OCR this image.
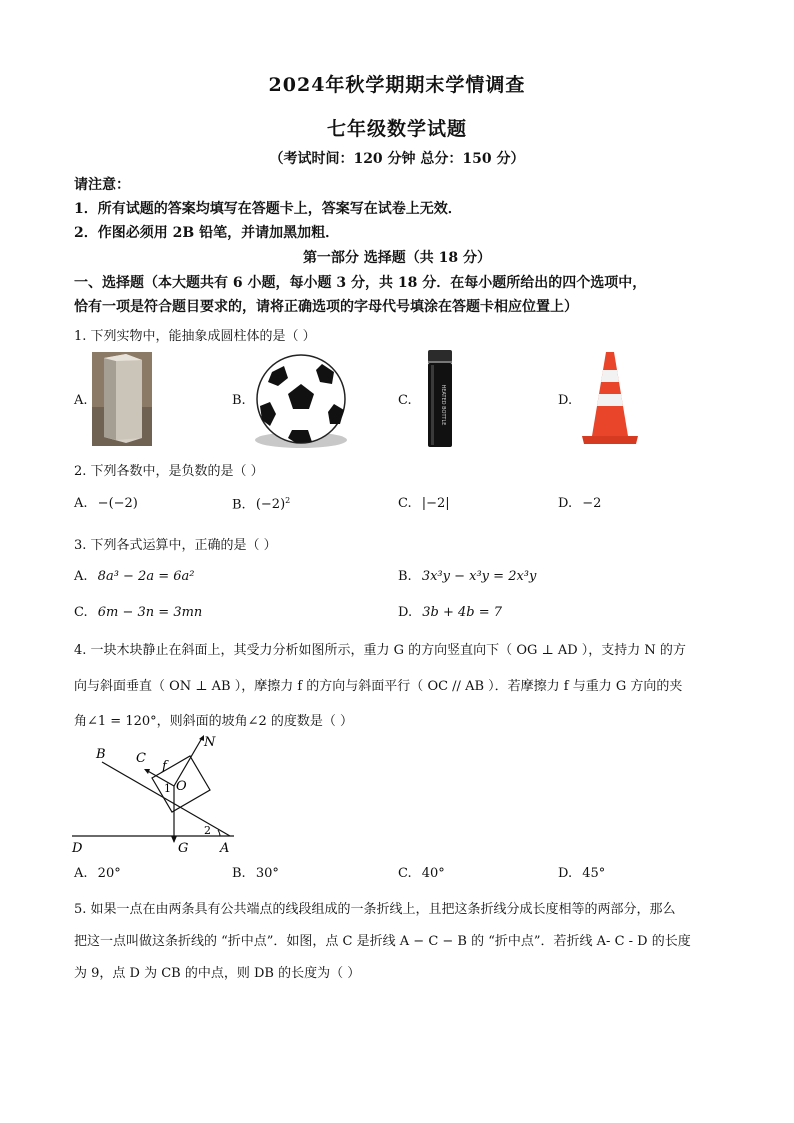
2024年秋学期期末学情调查
七年级数学试题
（考试时间：120 分钟 总分：150 分）
请注意：
1．所有试题的答案均填写在答题卡上，答案写在试卷上无效．
2．作图必须用 2B 铅笔，并请加黑加粗．
第一部分 选择题（共 18 分）
一、选择题（本大题共有 6 小题，每小题 3 分，共 18 分．在每小题所给出的四个选项中，
恰有一项是符合题目要求的，请将正确选项的字母代号填涂在答题卡相应位置上）
1. 下列实物中，能抽象成圆柱体的是（ ）
A.	B.	C.	HEATED BOTTLE	D.
2. 下列各数中，是负数的是（ ）
A. −(−2)	B. $(-2)^2$	C. |−2|	D. −2
3. 下列各式运算中，正确的是（ ）
A. 8a³ − 2a = 6a²	B. 3x³y − x³y = 2x³y
C. 6m − 3n = 3mn	D. 3b + 4b = 7
4. 一块木块静止在斜面上，其受力分析如图所示，重力 G 的方向竖直向下（ OG ⊥ AD ），支持力 N 的方
向与斜面垂直（ ON ⊥ AB ），摩擦力 f 的方向与斜面平行（ OC // AB ）．若摩擦力 f 与重力 G 方向的夹
角∠1 = 120°，则斜面的坡角∠2 的度数是（ ）
B C
N
f
O
1
2
D	G A
A. 20°	B. 30°	C. 40°	D. 45°
5. 如果一点在由两条具有公共端点的线段组成的一条折线上，且把这条折线分成长度相等的两部分，那么
把这一点叫做这条折线的 “折中点”．如图，点 C 是折线 A − C − B 的 “折中点”．若折线 A- C - D 的长度
为 9，点 D 为 CB 的中点，则 DB 的长度为（ ）
